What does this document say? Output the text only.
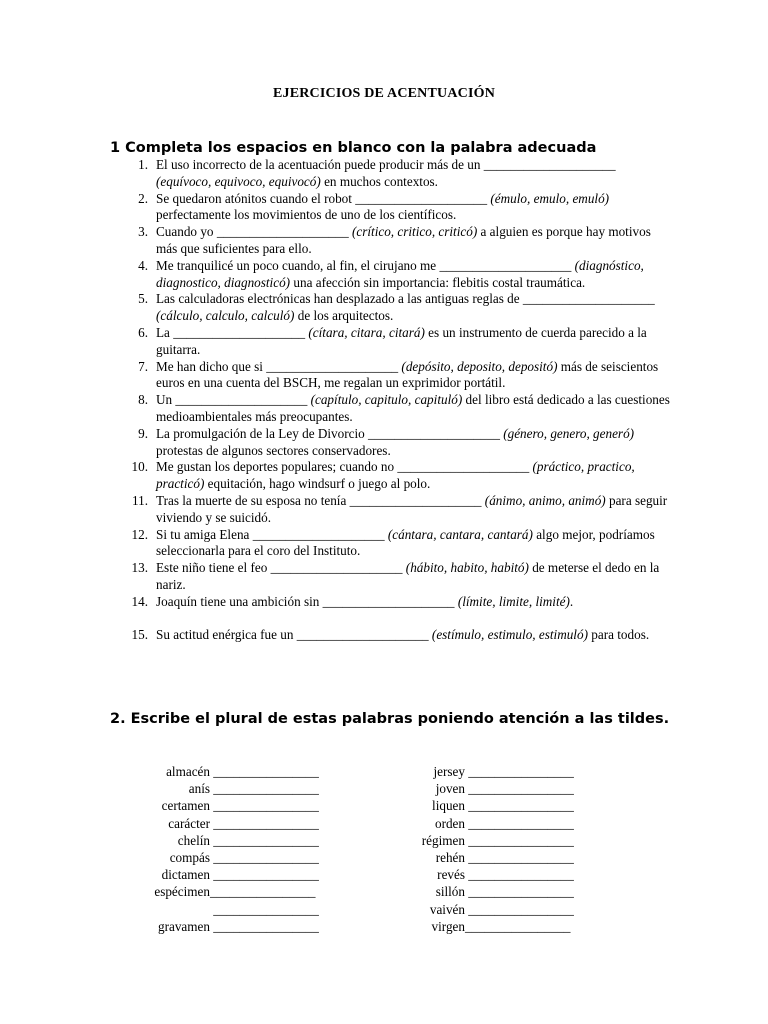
EJERCICIOS DE ACENTUACIÓN
1 Completa los espacios en blanco con la palabra adecuada
1. El uso incorrecto de la acentuación puede producir más de un ____________________ (equívoco, equivoco, equivocó) en muchos contextos.
2. Se quedaron atónitos cuando el robot ____________________ (émulo, emulo, emuló) perfectamente los movimientos de uno de los científicos.
3. Cuando yo ____________________ (crítico, critico, criticó) a alguien es porque hay motivos más que suficientes para ello.
4. Me tranquilicé un poco cuando, al fin, el cirujano me ____________________ (diagnóstico, diagnostico, diagnosticó) una afección sin importancia: flebitis costal traumática.
5. Las calculadoras electrónicas han desplazado a las antiguas reglas de ____________________ (cálculo, calculo, calculó) de los arquitectos.
6. La ____________________ (cítara, citara, citará) es un instrumento de cuerda parecido a la guitarra.
7. Me han dicho que si ____________________ (depósito, deposito, depositó) más de seiscientos euros en una cuenta del BSCH, me regalan un exprimidor portátil.
8. Un ____________________ (capítulo, capitulo, capituló) del libro está dedicado a las cuestiones medioambientales más preocupantes.
9. La promulgación de la Ley de Divorcio ____________________ (género, genero, generó) protestas de algunos sectores conservadores.
10. Me gustan los deportes populares; cuando no ____________________ (práctico, practico, practicó) equitación, hago windsurf o juego al polo.
11. Tras la muerte de su esposa no tenía ____________________ (ánimo, animo, animó) para seguir viviendo y se suicidó.
12. Si tu amiga Elena ____________________ (cántara, cantara, cantará) algo mejor, podríamos seleccionarla para el coro del Instituto.
13. Este niño tiene el feo ____________________ (hábito, habito, habitó) de meterse el dedo en la nariz.
14. Joaquín tiene una ambición sin ____________________ (límite, limite, limité).
15. Su actitud enérgica fue un ____________________ (estímulo, estimulo, estimuló) para todos.
2. Escribe el plural de estas palabras poniendo atención a las tildes.
almacén ________________
anís ________________
certamen ________________
carácter ________________
chelín ________________
compás ________________
dictamen ________________
espécimen ________________
________________
gravamen ________________
jersey ________________
joven ________________
liquen ________________
orden ________________
régimen ________________
rehén ________________
revés ________________
sillón ________________
vaivén ________________
virgen ________________
